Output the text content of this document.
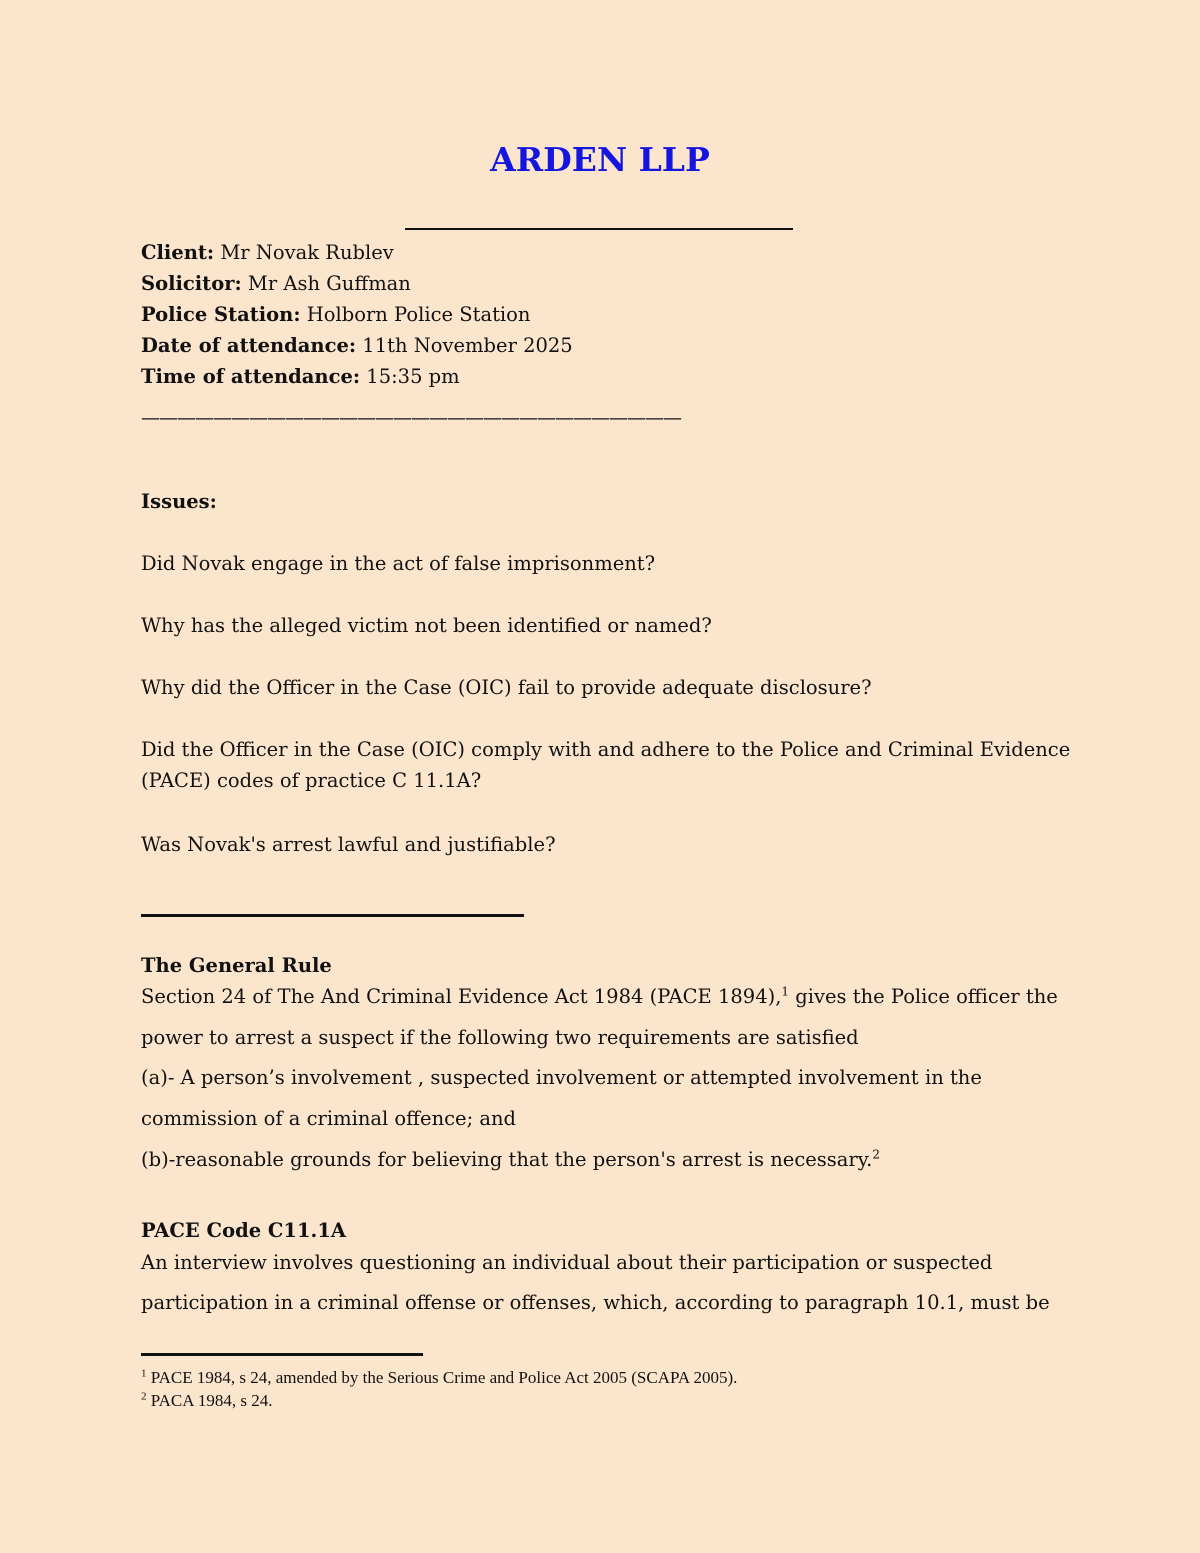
ARDEN LLP
Client: Mr Novak Rublev
Solicitor: Mr Ash Guffman
Police Station: Holborn Police Station
Date of attendance: 11th November 2025
Time of attendance: 15:35 pm
——————————————————————————————
Issues:
Did Novak engage in the act of false imprisonment?
Why has the alleged victim not been identified or named?
Why did the Officer in the Case (OIC) fail to provide adequate disclosure?
Did the Officer in the Case (OIC) comply with and adhere to the Police and Criminal Evidence
(PACE) codes of practice C 11.1A?
Was Novak's arrest lawful and justifiable?
The General Rule
Section 24 of The And Criminal Evidence Act 1984 (PACE 1894),$^1$ gives the Police officer the
power to arrest a suspect if the following two requirements are satisfied
(a)- A person’s involvement , suspected involvement or attempted involvement in the
commission of a criminal offence; and
(b)-reasonable grounds for believing that the person's arrest is necessary.$^2$
PACE Code C11.1A
An interview involves questioning an individual about their participation or suspected
participation in a criminal offense or offenses, which, according to paragraph 10.1, must be
$^1$ PACE 1984, s 24, amended by the Serious Crime and Police Act 2005 (SCAPA 2005).
$^2$ PACA 1984, s 24.
